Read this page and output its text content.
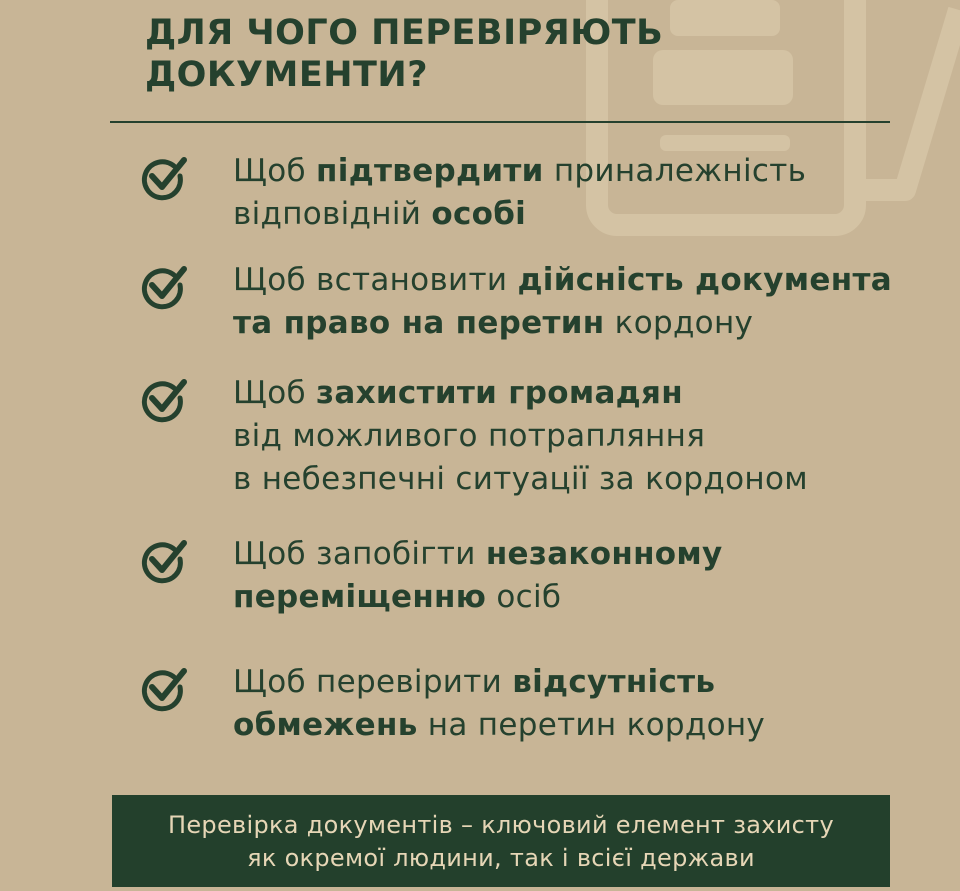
ДЛЯ ЧОГО ПЕРЕВІРЯЮТЬ
ДОКУМЕНТИ?
Щоб підтвердити приналежність
відповідній особі
Щоб встановити дійсність документа
та право на перетин кордону
Щоб захистити громадян
від можливого потрапляння
в небезпечні ситуації за кордоном
Щоб запобігти незаконному
переміщенню осіб
Щоб перевірити відсутність
обмежень на перетин кордону
Перевірка документів – ключовий елемент захисту
як окремої людини, так і всієї держави
